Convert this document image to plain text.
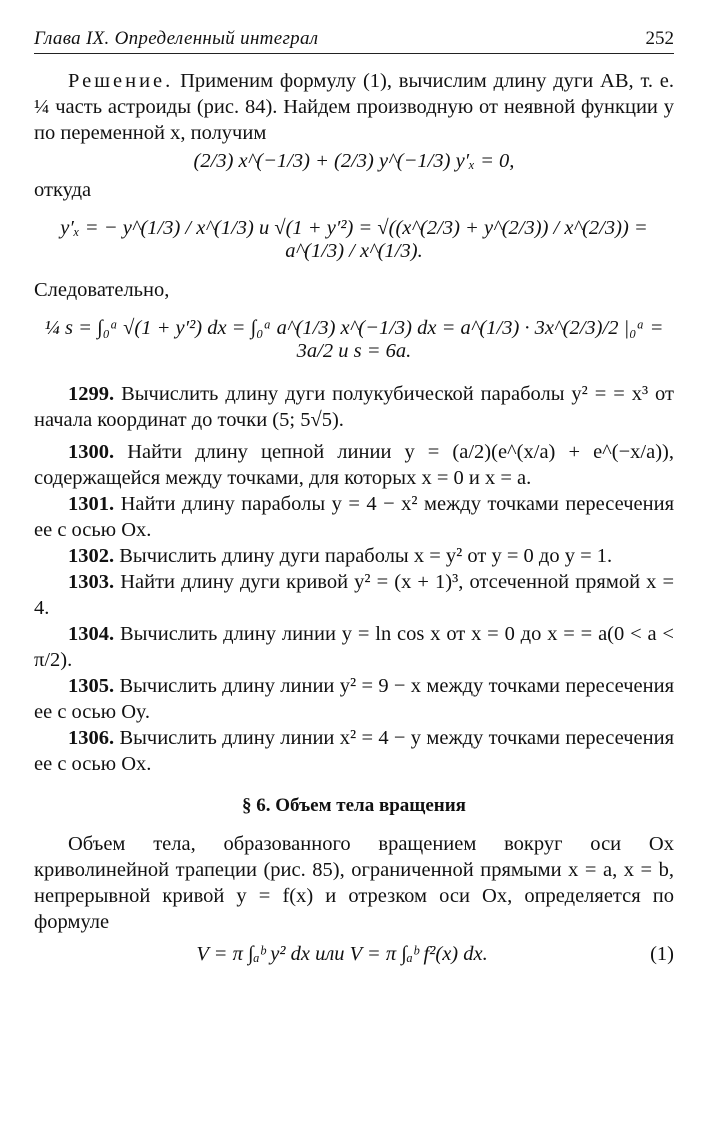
Глава IX. Определенный интеграл	252

Решение. Применим формулу (1), вычислим длину дуги AB, т. е. ¼ часть астроиды (рис. 84). Найдем производную от неявной функции y по переменной x, получим

(2/3) x^(−1/3) + (2/3) y^(−1/3) y′ₓ = 0,

откуда

y′ₓ = − y^(1/3) / x^(1/3) и √(1 + y′²) = √((x^(2/3) + y^(2/3)) / x^(2/3)) = a^(1/3) / x^(1/3).

Следовательно,

¼ s = ∫₀ᵃ √(1 + y′²) dx = ∫₀ᵃ a^(1/3) x^(−1/3) dx = a^(1/3) · 3x^(2/3)/2 |₀ᵃ = 3a/2 и s = 6a.

1299. Вычислить длину дуги полукубической параболы y² = = x³ от начала координат до точки (5; 5√5).

1300. Найти длину цепной линии y = (a/2)(e^(x/a) + e^(−x/a)), содержащейся между точками, для которых x = 0 и x = a.

1301. Найти длину параболы y = 4 − x² между точками пересечения ее с осью Ox.

1302. Вычислить длину дуги параболы x = y² от y = 0 до y = 1.

1303. Найти длину дуги кривой y² = (x + 1)³, отсеченной прямой x = 4.

1304. Вычислить длину линии y = ln cos x от x = 0 до x = = a(0 < a < π/2).

1305. Вычислить длину линии y² = 9 − x между точками пересечения ее с осью Oy.

1306. Вычислить длину линии x² = 4 − y между точками пересечения ее с осью Ox.

§ 6. Объем тела вращения

Объем тела, образованного вращением вокруг оси Ox криволинейной трапеции (рис. 85), ограниченной прямыми x = a, x = b, непрерывной кривой y = f(x) и отрезком оси Ox, определяется по формуле

V = π ∫ₐᵇ y² dx или V = π ∫ₐᵇ f²(x) dx.	(1)
